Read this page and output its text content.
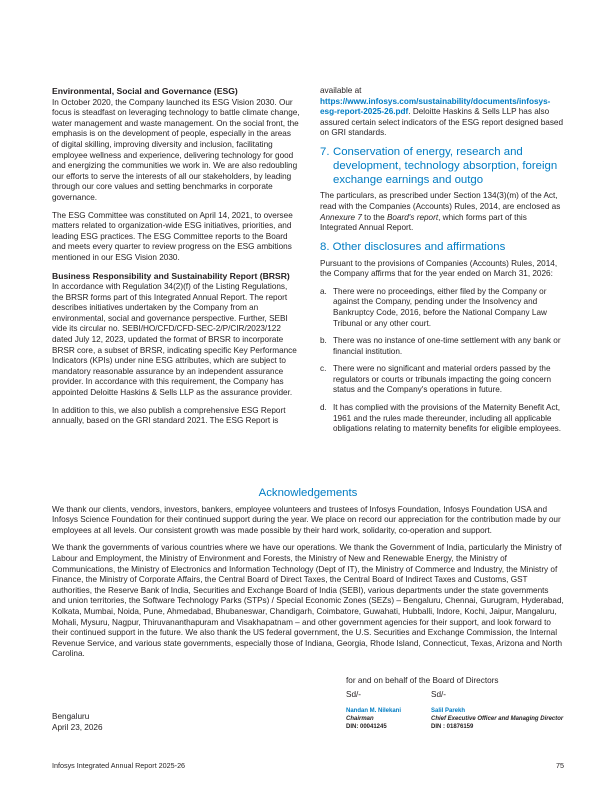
Environmental, Social and Governance (ESG)

In October 2020, the Company launched its ESG Vision 2030. Our focus is steadfast on leveraging technology to battle climate change, water management and waste management. On the social front, the emphasis is on the development of people, especially in the areas of digital skilling, improving diversity and inclusion, facilitating employee wellness and experience, delivering technology for good and energizing the communities we work in. We are also redoubling our efforts to serve the interests of all our stakeholders, by leading through our core values and setting benchmarks in corporate governance.

The ESG Committee was constituted on April 14, 2021, to oversee matters related to organization-wide ESG initiatives, priorities, and leading ESG practices. The ESG Committee reports to the Board and meets every quarter to review progress on the ESG ambitions mentioned in our ESG Vision 2030.

Business Responsibility and Sustainability Report (BRSR)

In accordance with Regulation 34(2)(f) of the Listing Regulations, the BRSR forms part of this Integrated Annual Report. The report describes initiatives undertaken by the Company from an environmental, social and governance perspective. Further, SEBI vide its circular no. SEBI/HO/CFD/CFD-SEC-2/P/CIR/2023/122 dated July 12, 2023, updated the format of BRSR to incorporate BRSR core, a subset of BRSR, indicating specific Key Performance Indicators (KPIs) under nine ESG attributes, which are subject to mandatory reasonable assurance by an independent assurance provider. In accordance with this requirement, the Company has appointed Deloitte Haskins & Sells LLP as the assurance provider.

In addition to this, we also publish a comprehensive ESG Report annually, based on the GRI standard 2021. The ESG Report is

available at https://www.infosys.com/sustainability/documents/infosys-esg-report-2025-26.pdf. Deloitte Haskins & Sells LLP has also assured certain select indicators of the ESG report designed based on GRI standards.

7. Conservation of energy, research and development, technology absorption, foreign exchange earnings and outgo

The particulars, as prescribed under Section 134(3)(m) of the Act, read with the Companies (Accounts) Rules, 2014, are enclosed as Annexure 7 to the Board's report, which forms part of this Integrated Annual Report.

8. Other disclosures and affirmations

Pursuant to the provisions of Companies (Accounts) Rules, 2014, the Company affirms that for the year ended on March 31, 2026:

a. There were no proceedings, either filed by the Company or against the Company, pending under the Insolvency and Bankruptcy Code, 2016, before the National Company Law Tribunal or any other court.
b. There was no instance of one-time settlement with any bank or financial institution.
c. There were no significant and material orders passed by the regulators or courts or tribunals impacting the going concern status and the Company's operations in future.
d. It has complied with the provisions of the Maternity Benefit Act, 1961 and the rules made thereunder, including all applicable obligations relating to maternity benefits for eligible employees.
Acknowledgements

We thank our clients, vendors, investors, bankers, employee volunteers and trustees of Infosys Foundation, Infosys Foundation USA and Infosys Science Foundation for their continued support during the year. We place on record our appreciation for the contribution made by our employees at all levels. Our consistent growth was made possible by their hard work, solidarity, co-operation and support.

We thank the governments of various countries where we have our operations. We thank the Government of India, particularly the Ministry of Labour and Employment, the Ministry of Environment and Forests, the Ministry of New and Renewable Energy, the Ministry of Communications, the Ministry of Electronics and Information Technology (Dept of IT), the Ministry of Commerce and Industry, the Ministry of Finance, the Ministry of Corporate Affairs, the Central Board of Direct Taxes, the Central Board of Indirect Taxes and Customs, GST authorities, the Reserve Bank of India, Securities and Exchange Board of India (SEBI), various departments under the state governments and union territories, the Software Technology Parks (STPs) / Special Economic Zones (SEZs) – Bengaluru, Chennai, Gurugram, Hyderabad, Kolkata, Mumbai, Noida, Pune, Ahmedabad, Bhubaneswar, Chandigarh, Coimbatore, Guwahati, Hubballi, Indore, Kochi, Jaipur, Mangaluru, Mohali, Mysuru, Nagpur, Thiruvananthapuram and Visakhapatnam – and other government agencies for their support, and look forward to their continued support in the future. We also thank the US federal government, the U.S. Securities and Exchange Commission, the Internal Revenue Service, and various state governments, especially those of Indiana, Georgia, Rhode Island, Connecticut, Texas, Arizona and North Carolina.

for and on behalf of the Board of Directors
Sd/-	Sd/-
Nandan M. Nilekani
Chairman
DIN: 00041245
Salil Parekh
Chief Executive Officer and Managing Director
DIN : 01876159
Bengaluru
April 23, 2026
Infosys Integrated Annual Report 2025-26	75
